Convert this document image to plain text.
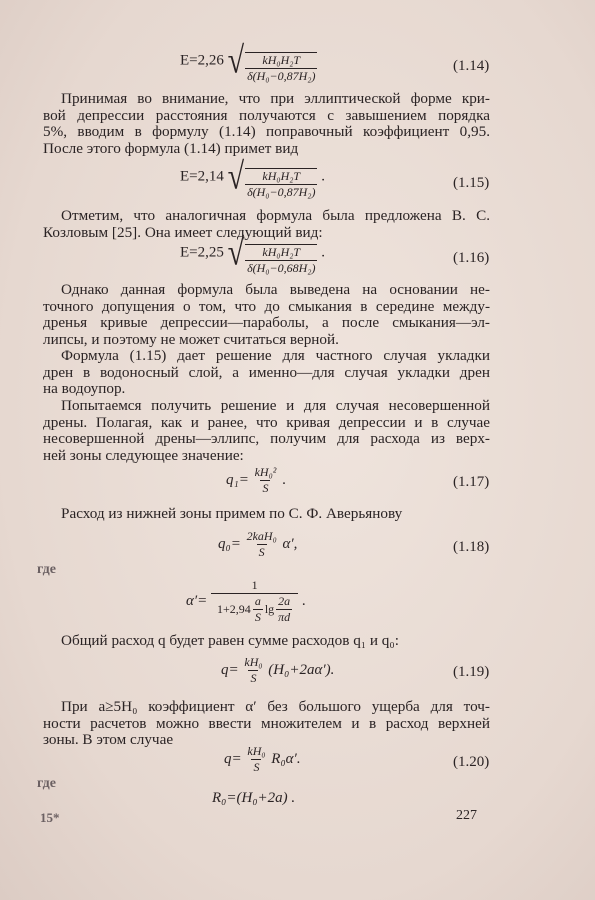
E=2,26 √ $\frac{\text{kH₀H₂T}}{\text{δ(H₀−0,87H₂)}}$	(1.14)
Принимая во внимание, что при эллиптической форме кри-
вой депрессии расстояния получаются с завышением порядка
5%, вводим в формулу (1.14) поправочный коэффициент 0,95.
После этого формула (1.14) примет вид
E=2,14 √ $\frac{\text{kH₀H₂T}}{\text{δ(H₀−0,87H₂)}}$ .	(1.15)
Отметим, что аналогичная формула была предложена В. С.
Козловым [25]. Она имеет следующий вид:
E=2,25 √ $\frac{\text{kH₀H₂T}}{\text{δ(H₀−0,68H₂)}}$ .	(1.16)
Однако данная формула была выведена на основании не-
точного допущения о том, что до смыкания в середине между-
дренья кривые депрессии—параболы, а после смыкания—эл-
липсы, и поэтому не может считаться верной.
Формула (1.15) дает решение для частного случая укладки
дрен в водоносный слой, а именно—для случая укладки дрен
на водоупор.
Попытаемся получить решение и для случая несовершенной
дрены. Полагая, как и ранее, что кривая депрессии и в случае
несовершенной дрены—эллипс, получим для расхода из верх-
ней зоны следующее значение:
$q_1= \frac{\text{kH₀²}}{S}$ .	(1.17)
Расход из нижней зоны примем по С. Ф. Аверьянову
$q_0= \frac{\text{2kaH₀}}{S} \alpha'$,	(1.18)
где
$\alpha'= \frac{1}{1+2,94 \frac{a}{S} \lg \frac{2a}{\pi d}}$ .
Общий расход q будет равен сумме расходов q₁ и q₀:
$q= \frac{\text{kH₀}}{S} (H_0+2a\alpha')$.	(1.19)
При a≥5H₀ коэффициент α′ без большого ущерба для точ-
ности расчетов можно ввести множителем и в расход верхней
зоны. В этом случае
$q= \frac{\text{kH₀}}{S} R_0\alpha'$.	(1.20)
где
R₀=(H₀+2a) .
15*	227
